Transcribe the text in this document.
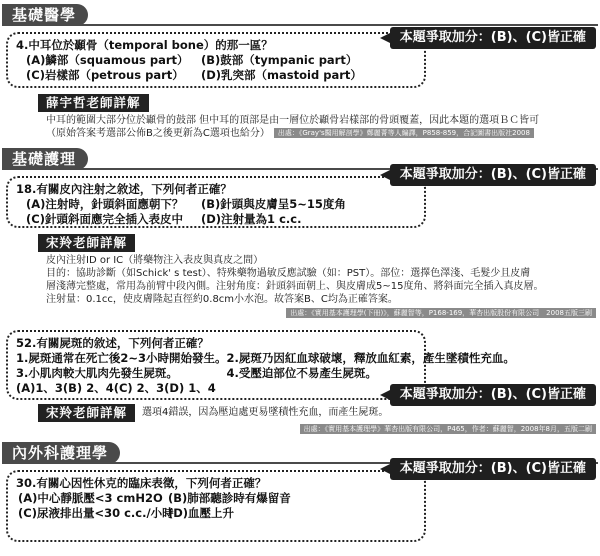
基礎醫學
4.中耳位於顳骨（temporal bone）的那一區？
(A)鱗部（squamous part）	(B)鼓部（tympanic part）
(C)岩樣部（petrous part）	(D)乳突部（mastoid part）
本題爭取加分：(B)、(C)皆正確
薛宇哲老師詳解
中耳的範圍大部分位於顳骨的鼓部 但中耳的頂部是由一層位於顳骨岩樣部的骨頭覆蓋，因此本題的選項ＢＣ皆可
（原始答案考選部公佈B之後更新為C選項也給分） 出處：《Gray's醫用解剖學》鄭麗菁等人編譯，P858-859，合記圖書出版社2008
基礎護理
18.有關皮內注射之敘述，下列何者正確？
(A)注射時，針頭斜面應朝下？	(B)針頭與皮膚呈5~15度角
(C)針頭斜面應完全插入表皮中	(D)注射量為1 c.c.
本題爭取加分：(B)、(C)皆正確
宋羚老師詳解
皮內注射ID or IC（將藥物注入表皮與真皮之間）
目的：協助診斷（如Schick' s test）、特殊藥物過敏反應試驗（如：PST）。部位：選擇色澤淺、毛髮少且皮膚
層淺薄完整處，常用為前臂中段內側。注射角度：針頭斜面朝上、與皮膚成5~15度角、將斜面完全插入真皮層。
注射量：0.1cc，使皮膚隆起直徑約0.8cm小水泡。故答案B、C均為正確答案。
出處：《實用基本護理學(下冊)》，蘇麗智等，P168-169，華杏出版股份有限公司　2008五版三刷
52.有關屍斑的敘述，下列何者正確？
1.屍斑通常在死亡後2~3小時開始發生。 2.屍斑乃因紅血球破壞，釋放血紅素，產生墜積性充血。
3.小肌肉較大肌肉先發生屍斑。	4.受壓迫部位不易產生屍斑。
(A)1、3(B) 2、4(C) 2、3(D) 1、4	本題爭取加分：(B)、(C)皆正確
宋羚老師詳解	選項4錯誤，因為壓迫處更易墜積性充血，而產生屍斑。
出處：《實用基本護理學》華杏出版有限公司，P465，作者：蘇麗智，2008年8月，五版二刷
內外科護理學
30.有關心因性休克的臨床表徵，下列何者正確？
(A)中心靜脈壓<3 cmH2O (B)肺部聽診時有爆留音
(C)尿液排出量<30 c.c./小時
(D)血壓上升
本題爭取加分：(B)、(C)皆正確
